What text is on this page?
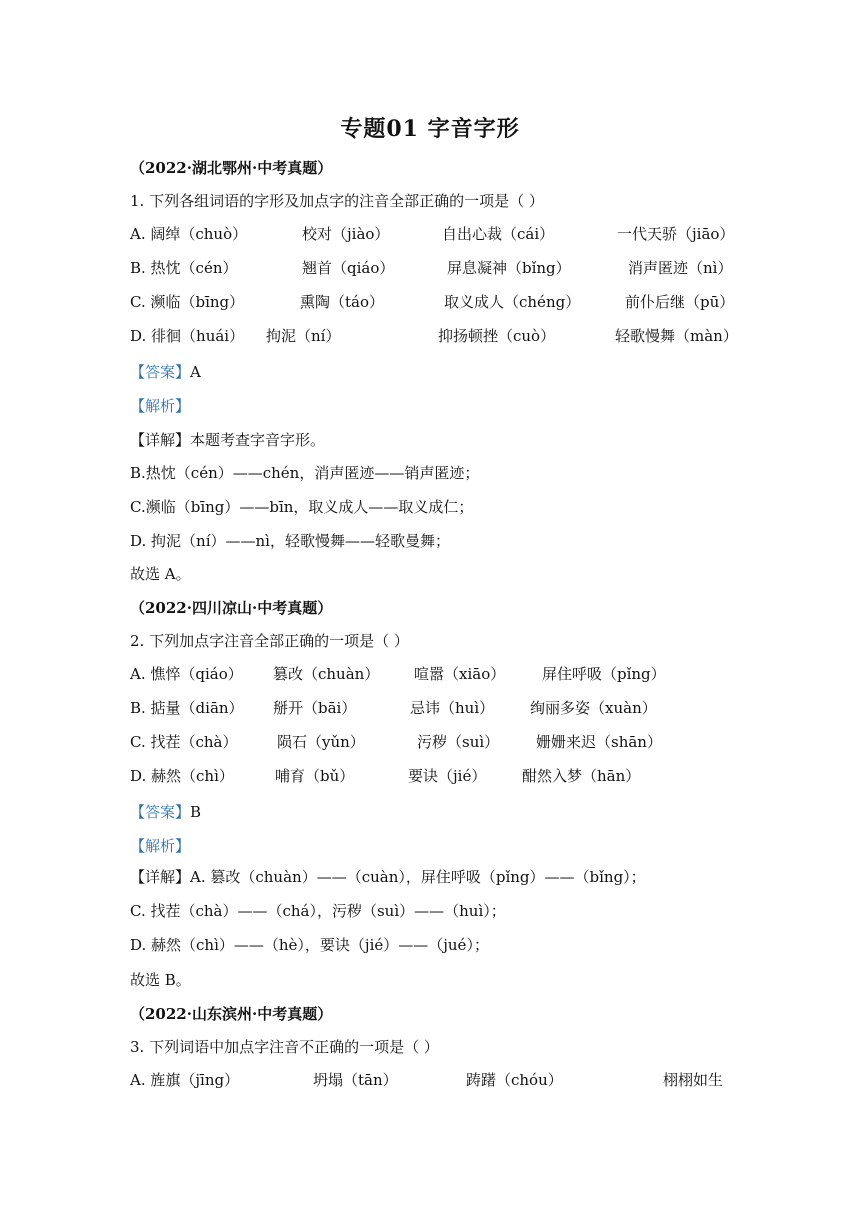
专题01 字音字形
（2022·湖北鄂州·中考真题）
1. 下列各组词语的字形及加点字的注音全部正确的一项是（ ）
A. 阔绰（chuò）	校对（jiào）	自出心裁（cái）	一代天骄（jiāo）
B. 热忱（cén）	翘首（qiáo）	屏息凝神（bǐng）	消声匿迹（nì）
C. 濒临（bīng）	熏陶（táo）	取义成人（chéng）	前仆后继（pū）
D. 徘徊（huái） 拘泥（ní）	抑扬顿挫（cuò）	轻歌慢舞（màn）
【答案】A
【解析】
【详解】本题考查字音字形。
B.热忱（cén）——chén，消声匿迹——销声匿迹；
C.濒临（bīng）——bīn，取义成人——取义成仁；
D. 拘泥（ní）——nì，轻歌慢舞——轻歌曼舞；
故选 A。
（2022·四川凉山·中考真题）
2. 下列加点字注音全部正确的一项是（ ）
A. 憔悴（qiáo） 篡改（chuàn） 喧嚣（xiāo） 屏住呼吸（pǐng）
B. 掂量（diān） 掰开（bāi）	忌讳（huì） 绚丽多姿（xuàn）
C. 找茬（chà）	陨石（yǔn）	污秽（suì） 姗姗来迟（shān）
D. 赫然（chì）	哺育（bǔ）	要诀（jié） 酣然入梦（hān）
【答案】B
【解析】
【详解】A. 篡改（chuàn）——（cuàn），屏住呼吸（pǐng）——（bǐng）；
C. 找茬（chà）——（chá），污秽（suì）——（huì）；
D. 赫然（chì）——（hè），要诀（jié）——（jué）；
故选 B。
（2022·山东滨州·中考真题）
3. 下列词语中加点字注音不正确的一项是（ ）
A. 旌旗（jīng）	坍塌（tān）	踌躇（chóu）	栩栩如生
